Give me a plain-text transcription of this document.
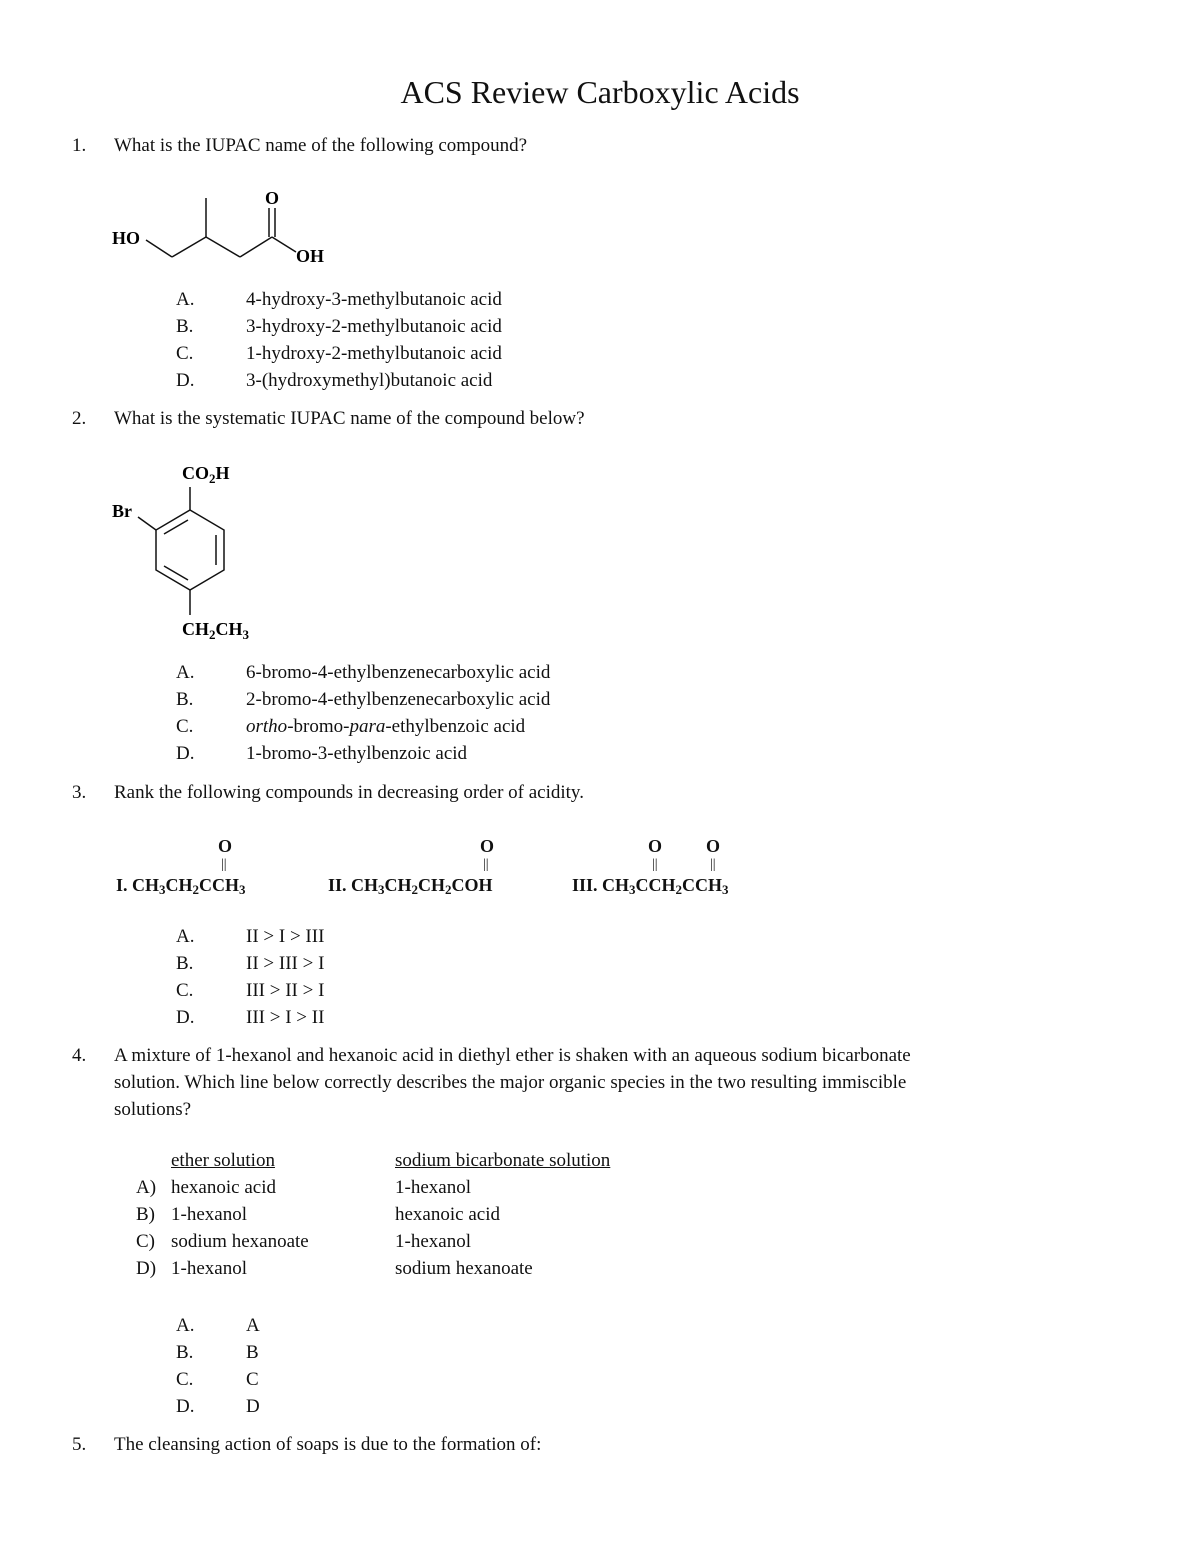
ACS Review Carboxylic Acids
1. What is the IUPAC name of the following compound?
HO
O
OH
A.	4-hydroxy-3-methylbutanoic acid
B.	3-hydroxy-2-methylbutanoic acid
C.	1-hydroxy-2-methylbutanoic acid
D.	3-(hydroxymethyl)butanoic acid
2. What is the systematic IUPAC name of the compound below?
$CO_2H$
Br
$CH_2CH_3$
A.	6-bromo-4-ethylbenzenecarboxylic acid
B.	2-bromo-4-ethylbenzenecarboxylic acid
C.	ortho-bromo-para-ethylbenzoic acid
D.	1-bromo-3-ethylbenzoic acid
3. Rank the following compounds in decreasing order of acidity.
O
||
I. $CH_3CH_2CCH_3$
O
||
II. $CH_3CH_2CH_2COH$
O
||
O
||
III. $CH_3CCH_2CCH_3$
A.	II > I > III
B.	II > III > I
C.	III > II > I
D.	III > I > II
4. A mixture of 1-hexanol and hexanoic acid in diethyl ether is shaken with an aqueous sodium bicarbonate
solution. Which line below correctly describes the major organic species in the two resulting immiscible
solutions?
ether solution	sodium bicarbonate solution
A) hexanoic acid	1-hexanol
B) 1-hexanol	hexanoic acid
C) sodium hexanoate	1-hexanol
D) 1-hexanol	sodium hexanoate
A.	A
B.	B
C.	C
D.	D
5. The cleansing action of soaps is due to the formation of:
